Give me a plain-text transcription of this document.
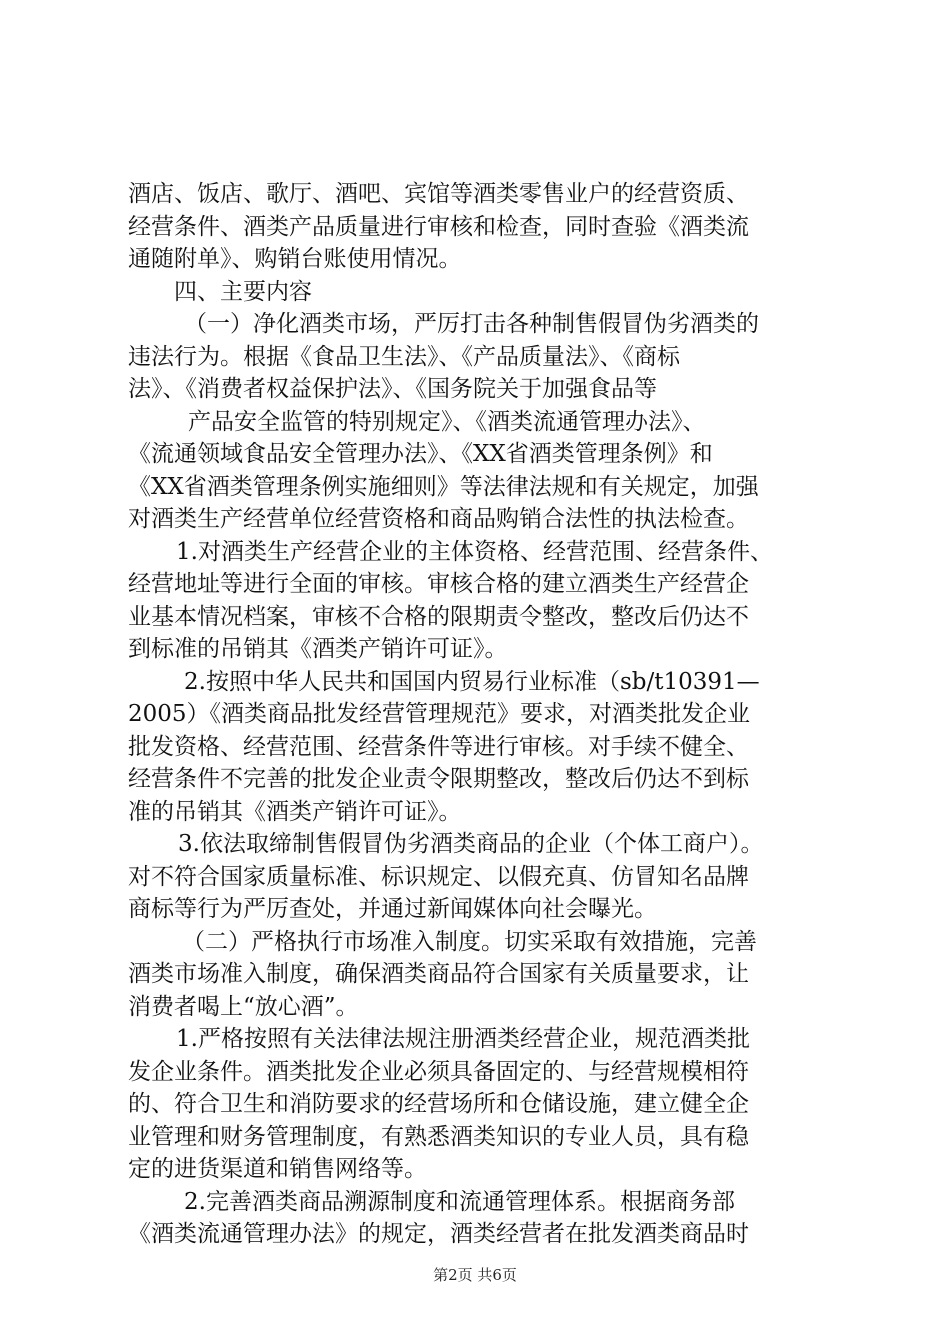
酒店、饭店、歌厅、酒吧、宾馆等酒类零售业户的经营资质、
经营条件、酒类产品质量进行审核和检查，同时查验《酒类流
通随附单》、购销台账使用情况。
四、主要内容
（一）净化酒类市场，严厉打击各种制售假冒伪劣酒类的
违法行为。根据《食品卫生法》、《产品质量法》、《商标
法》、《消费者权益保护法》、《国务院关于加强食品等
产品安全监管的特别规定》、《酒类流通管理办法》、
《流通领域食品安全管理办法》、《XX省酒类管理条例》和
《XX省酒类管理条例实施细则》等法律法规和有关规定，加强
对酒类生产经营单位经营资格和商品购销合法性的执法检查。
1.对酒类生产经营企业的主体资格、经营范围、经营条件、
经营地址等进行全面的审核。审核合格的建立酒类生产经营企
业基本情况档案，审核不合格的限期责令整改，整改后仍达不
到标准的吊销其《酒类产销许可证》。
2.按照中华人民共和国国内贸易行业标准（sb/t10391—
2005）《酒类商品批发经营管理规范》要求，对酒类批发企业
批发资格、经营范围、经营条件等进行审核。对手续不健全、
经营条件不完善的批发企业责令限期整改，整改后仍达不到标
准的吊销其《酒类产销许可证》。
3.依法取缔制售假冒伪劣酒类商品的企业（个体工商户）。
对不符合国家质量标准、标识规定、以假充真、仿冒知名品牌
商标等行为严厉查处，并通过新闻媒体向社会曝光。
（二）严格执行市场准入制度。切实采取有效措施，完善
酒类市场准入制度，确保酒类商品符合国家有关质量要求，让
消费者喝上“放心酒”。
1.严格按照有关法律法规注册酒类经营企业，规范酒类批
发企业条件。酒类批发企业必须具备固定的、与经营规模相符
的、符合卫生和消防要求的经营场所和仓储设施，建立健全企
业管理和财务管理制度，有熟悉酒类知识的专业人员，具有稳
定的进货渠道和销售网络等。
2.完善酒类商品溯源制度和流通管理体系。根据商务部
《酒类流通管理办法》的规定，酒类经营者在批发酒类商品时
第2页 共6页
